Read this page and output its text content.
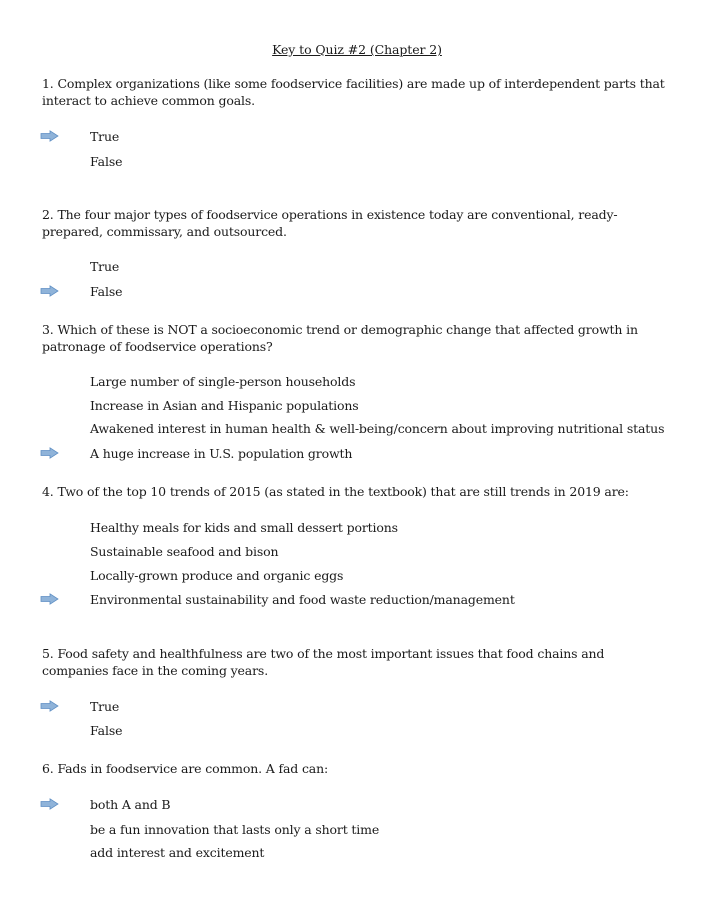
Key to Quiz #2 (Chapter 2)
1. Complex organizations (like some foodservice facilities) are made up of interdependent parts that interact to achieve common goals.
True
False
2. The four major types of foodservice operations in existence today are conventional, ready-prepared, commissary, and outsourced.
True
False
3. Which of these is NOT a socioeconomic trend or demographic change that affected growth in patronage of foodservice operations?
Large number of single-person households
Increase in Asian and Hispanic populations
Awakened interest in human health & well-being/concern about improving nutritional status
A huge increase in U.S. population growth
4. Two of the top 10 trends of 2015 (as stated in the textbook) that are still trends in 2019 are:
Healthy meals for kids and small dessert portions
Sustainable seafood and bison
Locally-grown produce and organic eggs
Environmental sustainability and food waste reduction/management
5. Food safety and healthfulness are two of the most important issues that food chains and companies face in the coming years.
True
False
6. Fads in foodservice are common. A fad can:
both A and B
be a fun innovation that lasts only a short time
add interest and excitement
